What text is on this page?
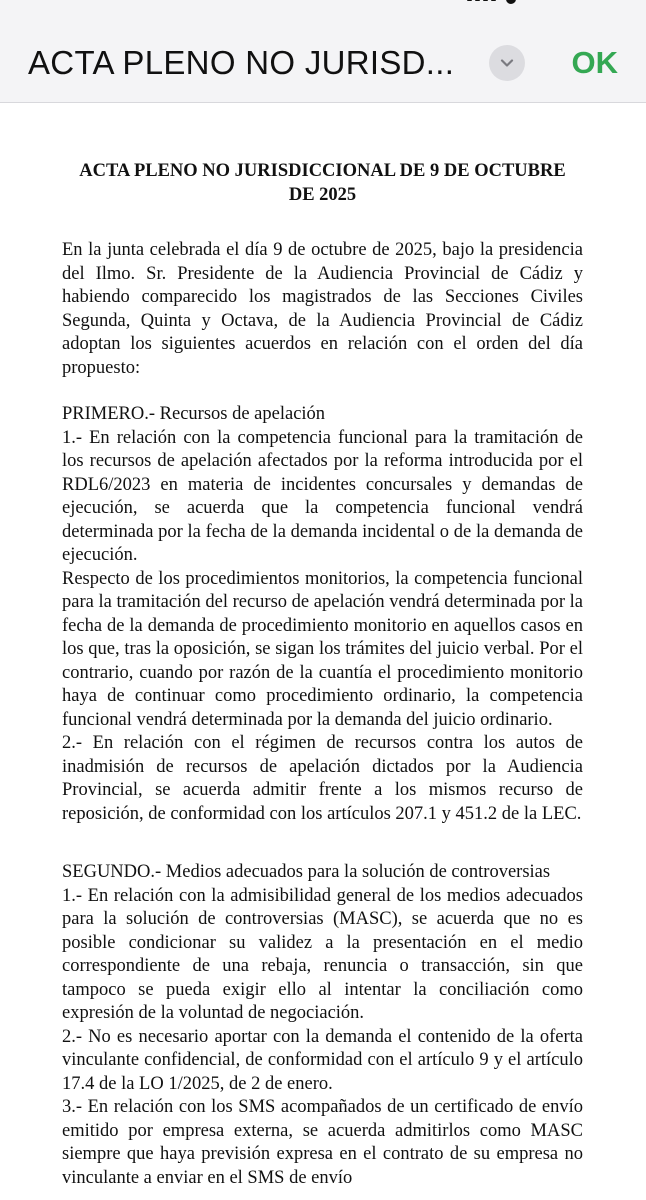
ACTA PLENO NO JURISD...	OK
ACTA PLENO NO JURISDICCIONAL DE 9 DE OCTUBRE DE 2025

En la junta celebrada el día 9 de octubre de 2025, bajo la presidencia del Ilmo. Sr. Presidente de la Audiencia Provincial de Cádiz y habiendo comparecido los magistrados de las Secciones Civiles Segunda, Quinta y Octava, de la Audiencia Provincial de Cádiz adoptan los siguientes acuerdos en relación con el orden del día propuesto:

PRIMERO.- Recursos de apelación

1.- En relación con la competencia funcional para la tramitación de los recursos de apelación afectados por la reforma introducida por el RDL6/2023 en materia de incidentes concursales y demandas de ejecución, se acuerda que la competencia funcional vendrá determinada por la fecha de la demanda incidental o de la demanda de ejecución.

Respecto de los procedimientos monitorios, la competencia funcional para la tramitación del recurso de apelación vendrá determinada por la fecha de la demanda de procedimiento monitorio en aquellos casos en los que, tras la oposición, se sigan los trámites del juicio verbal. Por el contrario, cuando por razón de la cuantía el procedimiento monitorio haya de continuar como procedimiento ordinario, la competencia funcional vendrá determinada por la demanda del juicio ordinario.

2.- En relación con el régimen de recursos contra los autos de inadmisión de recursos de apelación dictados por la Audiencia Provincial, se acuerda admitir frente a los mismos recurso de reposición, de conformidad con los artículos 207.1 y 451.2 de la LEC.

SEGUNDO.- Medios adecuados para la solución de controversias

1.- En relación con la admisibilidad general de los medios adecuados para la solución de controversias (MASC), se acuerda que no es posible condicionar su validez a la presentación en el medio correspondiente de una rebaja, renuncia o transacción, sin que tampoco se pueda exigir ello al intentar la conciliación como expresión de la voluntad de negociación.

2.- No es necesario aportar con la demanda el contenido de la oferta vinculante confidencial, de conformidad con el artículo 9 y el artículo 17.4 de la LO 1/2025, de 2 de enero.

3.- En relación con los SMS acompañados de un certificado de envío emitido por empresa externa, se acuerda admitirlos como MASC siempre que haya previsión expresa en el contrato de su empresa no vinculante a enviar en el SMS de envío
